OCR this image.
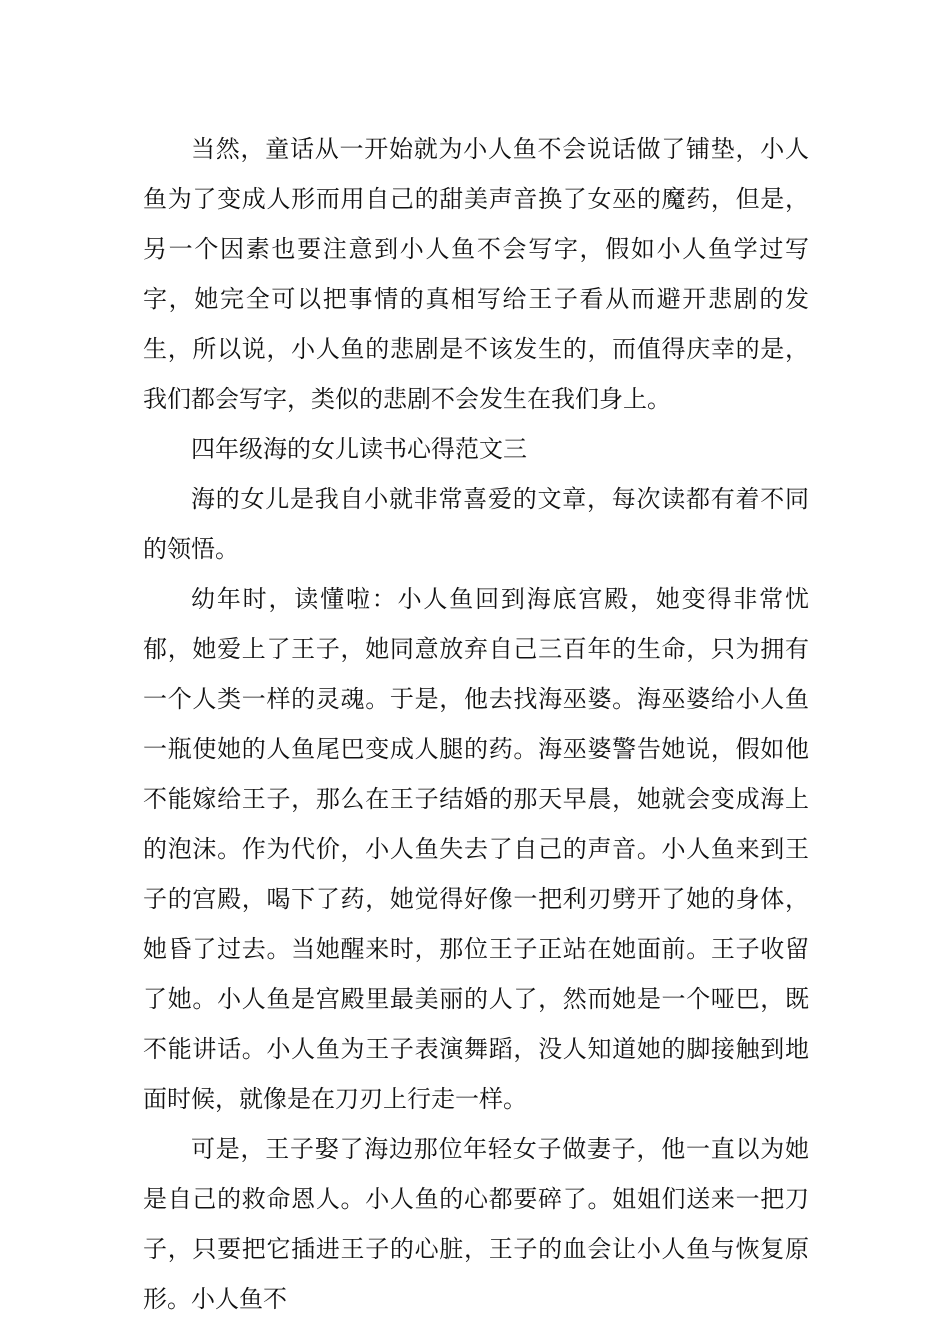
当然，童话从一开始就为小人鱼不会说话做了铺垫，小人鱼为了变成人形而用自己的甜美声音换了女巫的魔药，但是，另一个因素也要注意到小人鱼不会写字，假如小人鱼学过写字，她完全可以把事情的真相写给王子看从而避开悲剧的发生，所以说，小人鱼的悲剧是不该发生的，而值得庆幸的是，我们都会写字，类似的悲剧不会发生在我们身上。

四年级海的女儿读书心得范文三

海的女儿是我自小就非常喜爱的文章，每次读都有着不同的领悟。

幼年时，读懂啦：小人鱼回到海底宫殿，她变得非常忧郁，她爱上了王子，她同意放弃自己三百年的生命，只为拥有一个人类一样的灵魂。于是，他去找海巫婆。海巫婆给小人鱼一瓶使她的人鱼尾巴变成人腿的药。海巫婆警告她说，假如他不能嫁给王子，那么在王子结婚的那天早晨，她就会变成海上的泡沫。作为代价，小人鱼失去了自己的声音。小人鱼来到王子的宫殿，喝下了药，她觉得好像一把利刃劈开了她的身体，她昏了过去。当她醒来时，那位王子正站在她面前。王子收留了她。小人鱼是宫殿里最美丽的人了，然而她是一个哑巴，既不能讲话。小人鱼为王子表演舞蹈，没人知道她的脚接触到地面时候，就像是在刀刃上行走一样。

可是，王子娶了海边那位年轻女子做妻子，他一直以为她是自己的救命恩人。小人鱼的心都要碎了。姐姐们送来一把刀子，只要把它插进王子的心脏，王子的血会让小人鱼与恢复原形。小人鱼不
